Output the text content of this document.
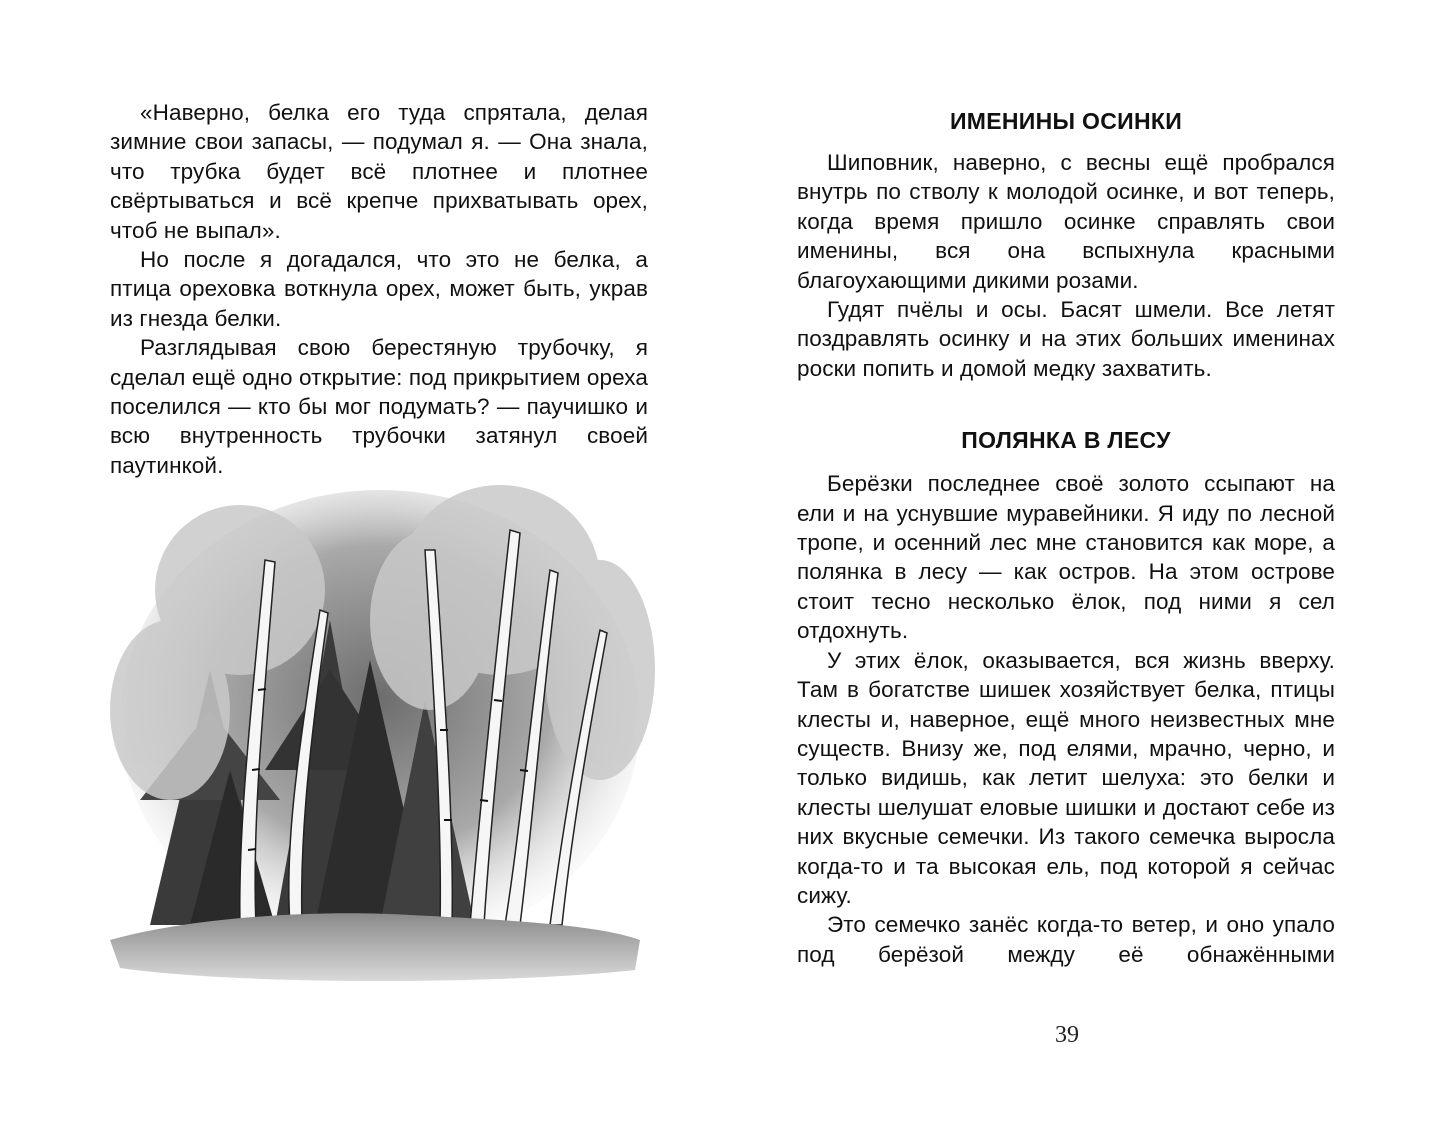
«Наверно, белка его туда спрятала, делая зимние свои запасы, — подумал я. — Она знала, что трубка будет всё плотнее и плотнее свёртываться и всё крепче прихватывать орех, чтоб не выпал».

Но после я догадался, что это не белка, а птица ореховка воткнула орех, может быть, украв из гнезда белки.

Разглядывая свою берестяную трубочку, я сделал ещё одно открытие: под прикрытием ореха поселился — кто бы мог подумать? — паучишко и всю внутренность трубочки затянул своей паутинкой.

ИМЕНИНЫ ОСИНКИ

Шиповник, наверно, с весны ещё пробрался внутрь по стволу к молодой осинке, и вот теперь, когда время пришло осинке справлять свои именины, вся она вспыхнула красными благоухающими дикими розами.

Гудят пчёлы и осы. Басят шмели. Все летят поздравлять осинку и на этих больших именинах роски попить и домой медку захватить.

ПОЛЯНКА В ЛЕСУ

Берёзки последнее своё золото ссыпают на ели и на уснувшие муравейники. Я иду по лесной тропе, и осенний лес мне становится как море, а полянка в лесу — как остров. На этом острове стоит тесно несколько ёлок, под ними я сел отдохнуть.

У этих ёлок, оказывается, вся жизнь вверху. Там в богатстве шишек хозяйствует белка, птицы клесты и, наверное, ещё много неизвестных мне существ. Внизу же, под елями, мрачно, черно, и только видишь, как летит шелуха: это белки и клесты шелушат еловые шишки и достают себе из них вкусные семечки. Из такого семечка выросла когда-то и та высокая ель, под которой я сейчас сижу.

Это семечко занёс когда-то ветер, и оно упало под берёзой между её обнажёнными

39
